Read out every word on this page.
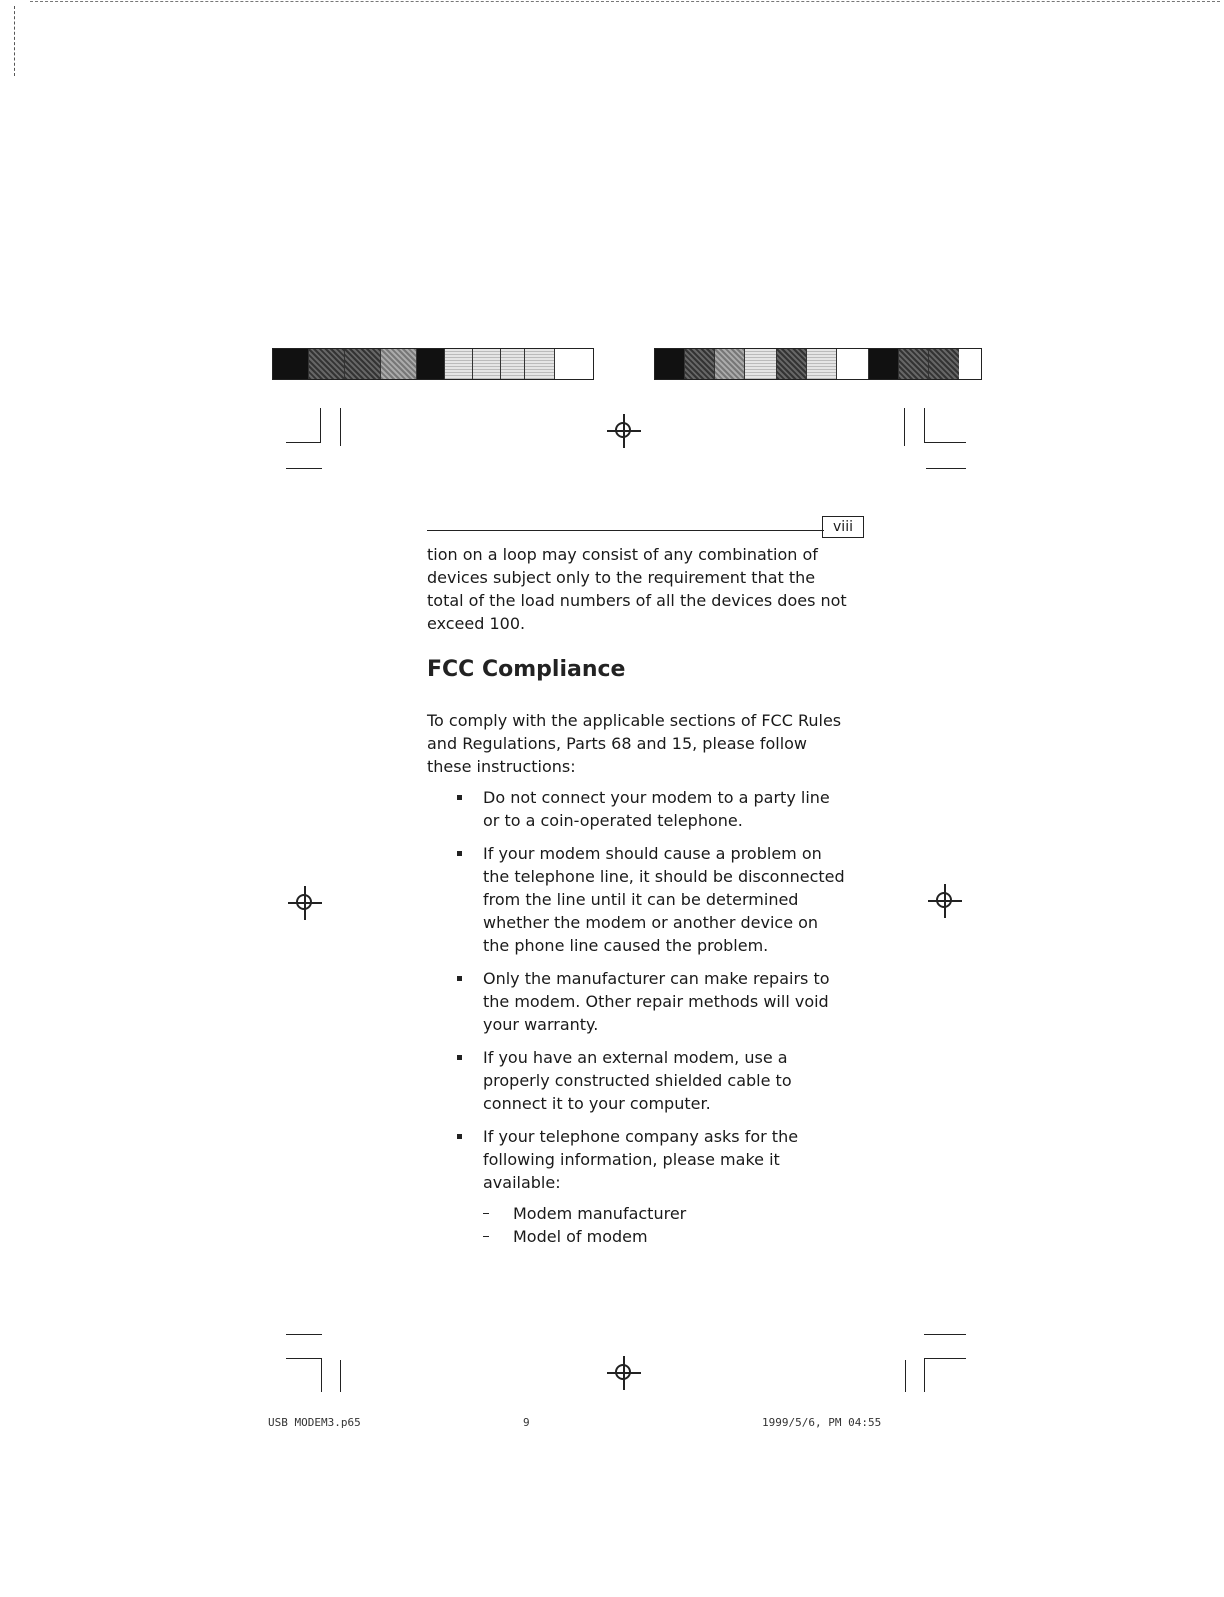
viii

tion on a loop may consist of any combination of devices subject only to the requirement that the total of the load numbers of all the devices does not exceed 100.

FCC Compliance

To comply with the applicable sections of FCC Rules and Regulations, Parts 68 and 15, please follow these instructions:

Do not connect your modem to a party line or to a coin-operated telephone.
If your modem should cause a problem on the telephone line, it should be disconnected from the line until it can be determined whether the modem or another device on the phone line caused the problem.
Only the manufacturer can make repairs to the modem. Other repair methods will void your warranty.
If you have an external modem, use a properly constructed shielded cable to connect it to your computer.
If your telephone company asks for the following information, please make it available:
Modem manufacturer
Model of modem
USB MODEM3.p65	9	1999/5/6, PM 04:55
